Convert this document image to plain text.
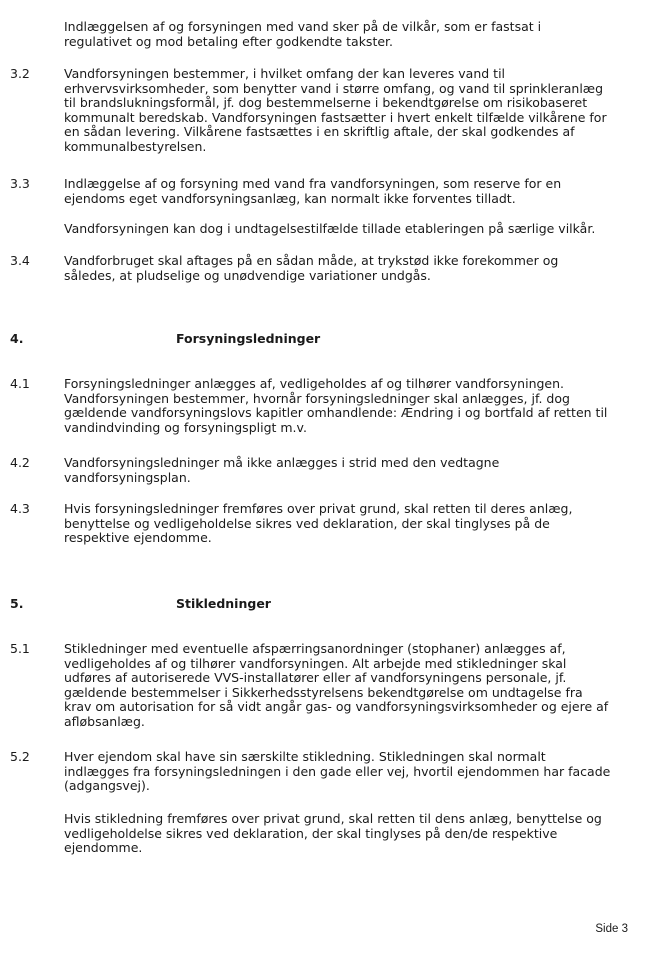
Indlæggelsen af og forsyningen med vand sker på de vilkår, som er fastsat i
regulativet og mod betaling efter godkendte takster.
3.2	Vandforsyningen bestemmer, i hvilket omfang der kan leveres vand til
erhvervsvirksomheder, som benytter vand i større omfang, og vand til sprinkleranlæg
til brandslukningsformål, jf. dog bestemmelserne i bekendtgørelse om risikobaseret
kommunalt beredskab. Vandforsyningen fastsætter i hvert enkelt tilfælde vilkårene for
en sådan levering. Vilkårene fastsættes i en skriftlig aftale, der skal godkendes af
kommunalbestyrelsen.
3.3	Indlæggelse af og forsyning med vand fra vandforsyningen, som reserve for en
ejendoms eget vandforsyningsanlæg, kan normalt ikke forventes tilladt.
Vandforsyningen kan dog i undtagelsestilfælde tillade etableringen på særlige vilkår.
3.4	Vandforbruget skal aftages på en sådan måde, at trykstød ikke forekommer og
således, at pludselige og unødvendige variationer undgås.
4.	Forsyningsledninger
4.1	Forsyningsledninger anlægges af, vedligeholdes af og tilhører vandforsyningen.
Vandforsyningen bestemmer, hvornår forsyningsledninger skal anlægges, jf. dog
gældende vandforsyningslovs kapitler omhandlende: Ændring i og bortfald af retten til
vandindvinding og forsyningspligt m.v.
4.2	Vandforsyningsledninger må ikke anlægges i strid med den vedtagne
vandforsyningsplan.
4.3	Hvis forsyningsledninger fremføres over privat grund, skal retten til deres anlæg,
benyttelse og vedligeholdelse sikres ved deklaration, der skal tinglyses på de
respektive ejendomme.
5.	Stikledninger
5.1	Stikledninger med eventuelle afspærringsanordninger (stophaner) anlægges af,
vedligeholdes af og tilhører vandforsyningen. Alt arbejde med stikledninger skal
udføres af autoriserede VVS-installatører eller af vandforsyningens personale, jf.
gældende bestemmelser i Sikkerhedsstyrelsens bekendtgørelse om undtagelse fra
krav om autorisation for så vidt angår gas- og vandforsyningsvirksomheder og ejere af
afløbsanlæg.
5.2	Hver ejendom skal have sin særskilte stikledning. Stikledningen skal normalt
indlægges fra forsyningsledningen i den gade eller vej, hvortil ejendommen har facade
(adgangsvej).
Hvis stikledning fremføres over privat grund, skal retten til dens anlæg, benyttelse og
vedligeholdelse sikres ved deklaration, der skal tinglyses på den/de respektive
ejendomme.
Side 3
